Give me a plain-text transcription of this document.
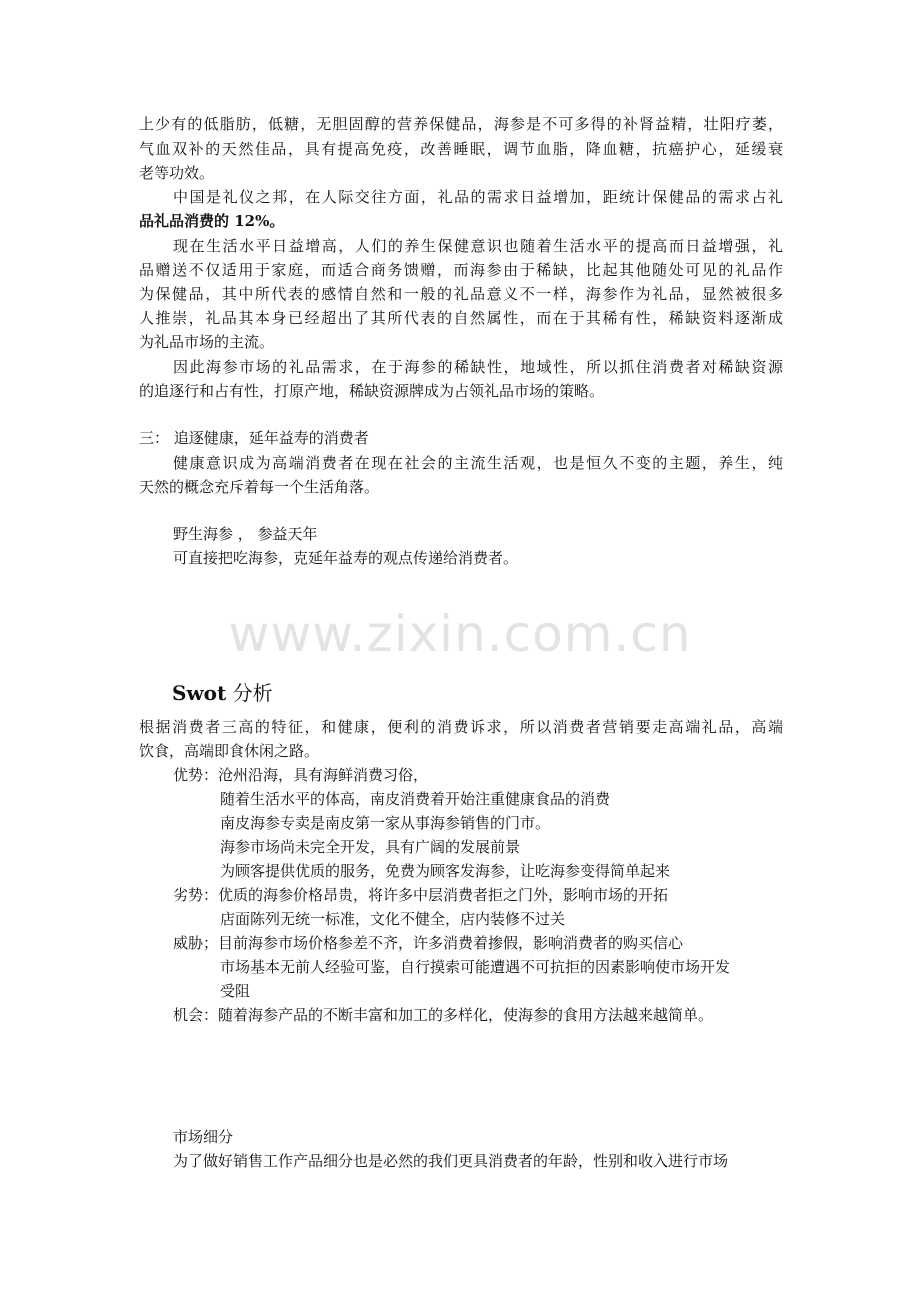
上少有的低脂肪，低糖，无胆固醇的营养保健品，海参是不可多得的补肾益精，壮阳疗萎，
气血双补的天然佳品，具有提高免疫，改善睡眠，调节血脂，降血糖，抗癌护心，延缓衰
老等功效。
中国是礼仪之邦，在人际交往方面，礼品的需求日益增加，距统计保健品的需求占礼
品礼品消费的 12%。
现在生活水平日益增高，人们的养生保健意识也随着生活水平的提高而日益增强，礼
品赠送不仅适用于家庭，而适合商务馈赠，而海参由于稀缺，比起其他随处可见的礼品作
为保健品，其中所代表的感情自然和一般的礼品意义不一样，海参作为礼品，显然被很多
人推崇，礼品其本身已经超出了其所代表的自然属性，而在于其稀有性，稀缺资料逐渐成
为礼品市场的主流。
因此海参市场的礼品需求，在于海参的稀缺性，地域性，所以抓住消费者对稀缺资源
的追逐行和占有性，打原产地，稀缺资源牌成为占领礼品市场的策略。
三： 追逐健康，延年益寿的消费者
健康意识成为高端消费者在现在社会的主流生活观，也是恒久不变的主题，养生，纯
天然的概念充斥着每一个生活角落。
野生海参 ， 参益天年
可直接把吃海参，克延年益寿的观点传递给消费者。
www.zixin.com.cn
Swot 分析
根据消费者三高的特征，和健康，便利的消费诉求，所以消费者营销要走高端礼品，高端
饮食，高端即食休闲之路。
优势：沧州沿海，具有海鲜消费习俗，
随着生活水平的体高，南皮消费着开始注重健康食品的消费
南皮海参专卖是南皮第一家从事海参销售的门市。
海参市场尚未完全开发，具有广阔的发展前景
为顾客提供优质的服务，免费为顾客发海参，让吃海参变得简单起来
劣势：优质的海参价格昂贵，将许多中层消费者拒之门外，影响市场的开拓
店面陈列无统一标准，文化不健全，店内装修不过关
威胁；目前海参市场价格参差不齐，许多消费着掺假，影响消费者的购买信心
市场基本无前人经验可鉴，自行摸索可能遭遇不可抗拒的因素影响使市场开发
受阻
机会：随着海参产品的不断丰富和加工的多样化，使海参的食用方法越来越简单。
市场细分
为了做好销售工作产品细分也是必然的我们更具消费者的年龄，性别和收入进行市场
